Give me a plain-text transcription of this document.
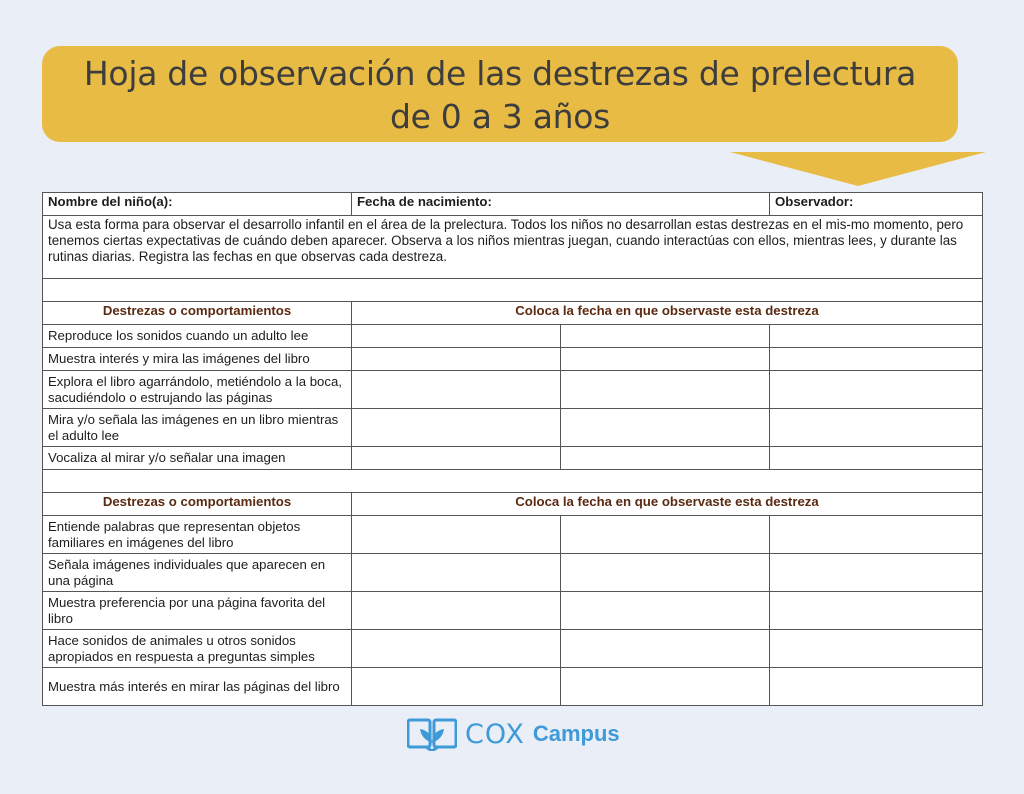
Hoja de observación de las destrezas de prelectura
de 0 a 3 años
Nombre del niño(a):	Fecha de nacimiento:		Observador:
Usa esta forma para observar el desarrollo infantil en el área de la prelectura. Todos los niños no desarrollan estas destrezas en el mis-mo momento, pero tenemos ciertas expectativas de cuándo deben aparecer. Observa a los niños mientras juegan, cuando interactúas con ellos, mientras lees, y durante las rutinas diarias. Registra las fechas en que observas cada destreza.			
Destrezas de prelectura en bebés de 0 a 8 meses			
Destrezas o comportamientos	Coloca la fecha en que observaste esta destreza		
Reproduce los sonidos cuando un adulto lee			
Muestra interés y mira las imágenes del libro			
Explora el libro agarrándolo, metiéndolo a la boca, sacudiéndolo o estrujando las páginas			
Mira y/o señala las imágenes en un libro mientras el adulto lee			
Vocaliza al mirar y/o señalar una imagen			
Destrezas de prelectura en bebés de 9 a 12 meses			
Destrezas o comportamientos	Coloca la fecha en que observaste esta destreza		
Entiende palabras que representan objetos familiares en imágenes del libro			
Señala imágenes individuales que aparecen en una página			
Muestra preferencia por una página favorita del libro			
Hace sonidos de animales u otros sonidos apropiados en respuesta a preguntas simples			
Muestra más interés en mirar las páginas del libro			
COX Campus
